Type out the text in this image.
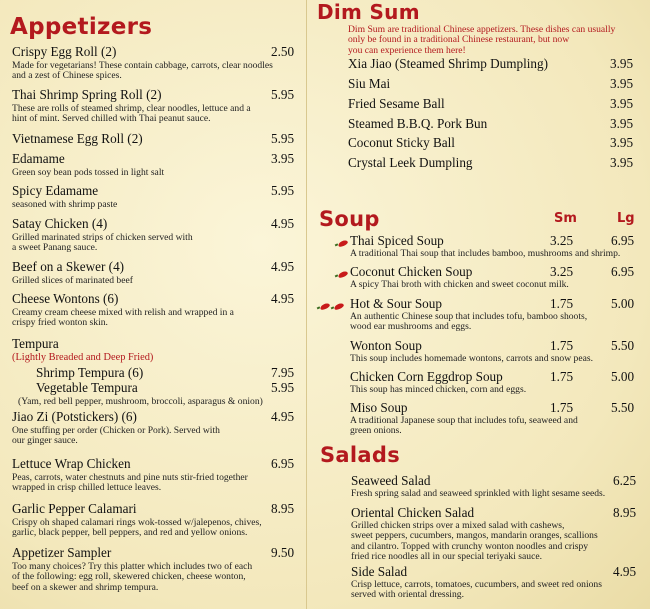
Appetizers
Crispy Egg Roll (2)	2.50
Made for vegetarians! These contain cabbage, carrots, clear noodles
and a zest of Chinese spices.
Thai Shrimp Spring Roll (2)	5.95
These are rolls of steamed shrimp, clear noodles, lettuce and a
hint of mint. Served chilled with Thai peanut sauce.
Vietnamese Egg Roll (2)	5.95
Edamame	3.95
Green soy bean pods tossed in light salt
Spicy Edamame	5.95
seasoned with shrimp paste
Satay Chicken (4)	4.95
Grilled marinated strips of chicken served with
a sweet Panang sauce.
Beef on a Skewer (4)	4.95
Grilled slices of marinated beef
Cheese Wontons (6)	4.95
Creamy cream cheese mixed with relish and wrapped in a
crispy fried wonton skin.
Tempura
(Lightly Breaded and Deep Fried)
Shrimp Tempura (6)	7.95
Vegetable Tempura	5.95
(Yam, red bell pepper, mushroom, broccoli, asparagus & onion)
Jiao Zi (Potstickers) (6)	4.95
One stuffing per order (Chicken or Pork). Served with
our ginger sauce.
Lettuce Wrap Chicken	6.95
Peas, carrots, water chestnuts and pine nuts stir-fried together
wrapped in crisp chilled lettuce leaves.
Garlic Pepper Calamari	8.95
Crispy oh shaped calamari rings wok-tossed w/jalepenos, chives,
garlic, black pepper, bell peppers, and red and yellow onions.
Appetizer Sampler	9.50
Too many choices? Try this platter which includes two of each
of the following: egg roll, skewered chicken, cheese wonton,
beef on a skewer and shrimp tempura.
Dim Sum
Dim Sum are traditional Chinese appetizers. These dishes can usually
only be found in a traditional Chinese restaurant, but now
you can experience them here!
Xia Jiao (Steamed Shrimp Dumpling)	3.95
Siu Mai	3.95
Fried Sesame Ball	3.95
Steamed B.B.Q. Pork Bun	3.95
Coconut Sticky Ball	3.95
Crystal Leek Dumpling	3.95
Soup	Sm	Lg
Thai Spiced Soup	3.25	6.95
A traditional Thai soup that includes bamboo, mushrooms and shrimp.
Coconut Chicken Soup	3.25	6.95
A spicy Thai broth with chicken and sweet coconut milk.
Hot & Sour Soup	1.75	5.00
An authentic Chinese soup that includes tofu, bamboo shoots,
wood ear mushrooms and eggs.
Wonton Soup	1.75	5.50
This soup includes homemade wontons, carrots and snow peas.
Chicken Corn Eggdrop Soup	1.75	5.00
This soup has minced chicken, corn and eggs.
Miso Soup	1.75	5.50
A traditional Japanese soup that includes tofu, seaweed and
green onions.
Salads
Seaweed Salad	6.25
Fresh spring salad and seaweed sprinkled with light sesame seeds.
Oriental Chicken Salad	8.95
Grilled chicken strips over a mixed salad with cashews,
sweet peppers, cucumbers, mangos, mandarin oranges, scallions
and cilantro. Topped with crunchy wonton noodles and crispy
fried rice noodles all in our special teriyaki sauce.
Side Salad	4.95
Crisp lettuce, carrots, tomatoes, cucumbers, and sweet red onions
served with oriental dressing.
